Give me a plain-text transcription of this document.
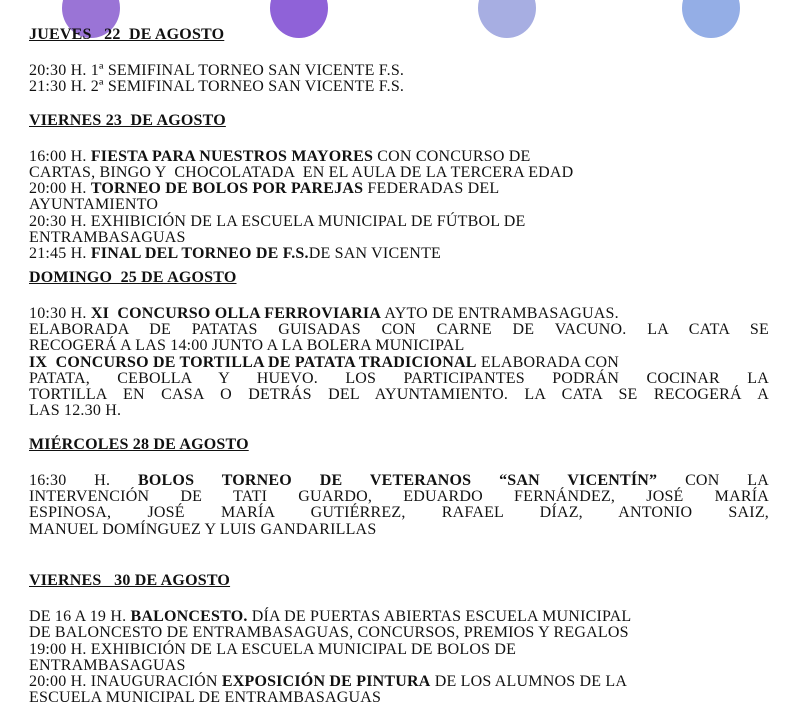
JUEVES   22  DE AGOSTO
20:30 H. 1ª SEMIFINAL TORNEO SAN VICENTE F.S.
21:30 H. 2ª SEMIFINAL TORNEO SAN VICENTE F.S.
VIERNES 23  DE AGOSTO
16:00 H. FIESTA PARA NUESTROS MAYORES CON CONCURSO DE
CARTAS, BINGO Y  CHOCOLATADA  EN EL AULA DE LA TERCERA EDAD
20:00 H. TORNEO DE BOLOS POR PAREJAS FEDERADAS DEL
AYUNTAMIENTO
20:30 H. EXHIBICIÓN DE LA ESCUELA MUNICIPAL DE FÚTBOL DE
ENTRAMBASAGUAS
21:45 H. FINAL DEL TORNEO DE F.S.DE SAN VICENTE
DOMINGO  25 DE AGOSTO
10:30 H. XI  CONCURSO OLLA FERROVIARIA AYTO DE ENTRAMBASAGUAS.
ELABORADA DE PATATAS GUISADAS CON CARNE DE VACUNO. LA CATA SE
RECOGERÁ A LAS 14:00 JUNTO A LA BOLERA MUNICIPAL
IX  CONCURSO DE TORTILLA DE PATATA TRADICIONAL ELABORADA CON
PATATA, CEBOLLA Y HUEVO. LOS PARTICIPANTES PODRÁN COCINAR LA
TORTILLA EN CASA O DETRÁS DEL AYUNTAMIENTO. LA CATA SE RECOGERÁ A
LAS 12.30 H.
MIÉRCOLES 28 DE AGOSTO
16:30 H. BOLOS TORNEO DE VETERANOS “SAN VICENTÍN” CON LA
INTERVENCIÓN DE TATI GUARDO, EDUARDO FERNÁNDEZ, JOSÉ MARÍA
ESPINOSA, JOSÉ MARÍA GUTIÉRREZ, RAFAEL DÍAZ, ANTONIO SAIZ,
MANUEL DOMÍNGUEZ Y LUIS GANDARILLAS
VIERNES   30 DE AGOSTO
DE 16 A 19 H. BALONCESTO. DÍA DE PUERTAS ABIERTAS ESCUELA MUNICIPAL
DE BALONCESTO DE ENTRAMBASAGUAS, CONCURSOS, PREMIOS Y REGALOS
19:00 H. EXHIBICIÓN DE LA ESCUELA MUNICIPAL DE BOLOS DE
ENTRAMBASAGUAS
20:00 H. INAUGURACIÓN EXPOSICIÓN DE PINTURA DE LOS ALUMNOS DE LA
ESCUELA MUNICIPAL DE ENTRAMBASAGUAS
